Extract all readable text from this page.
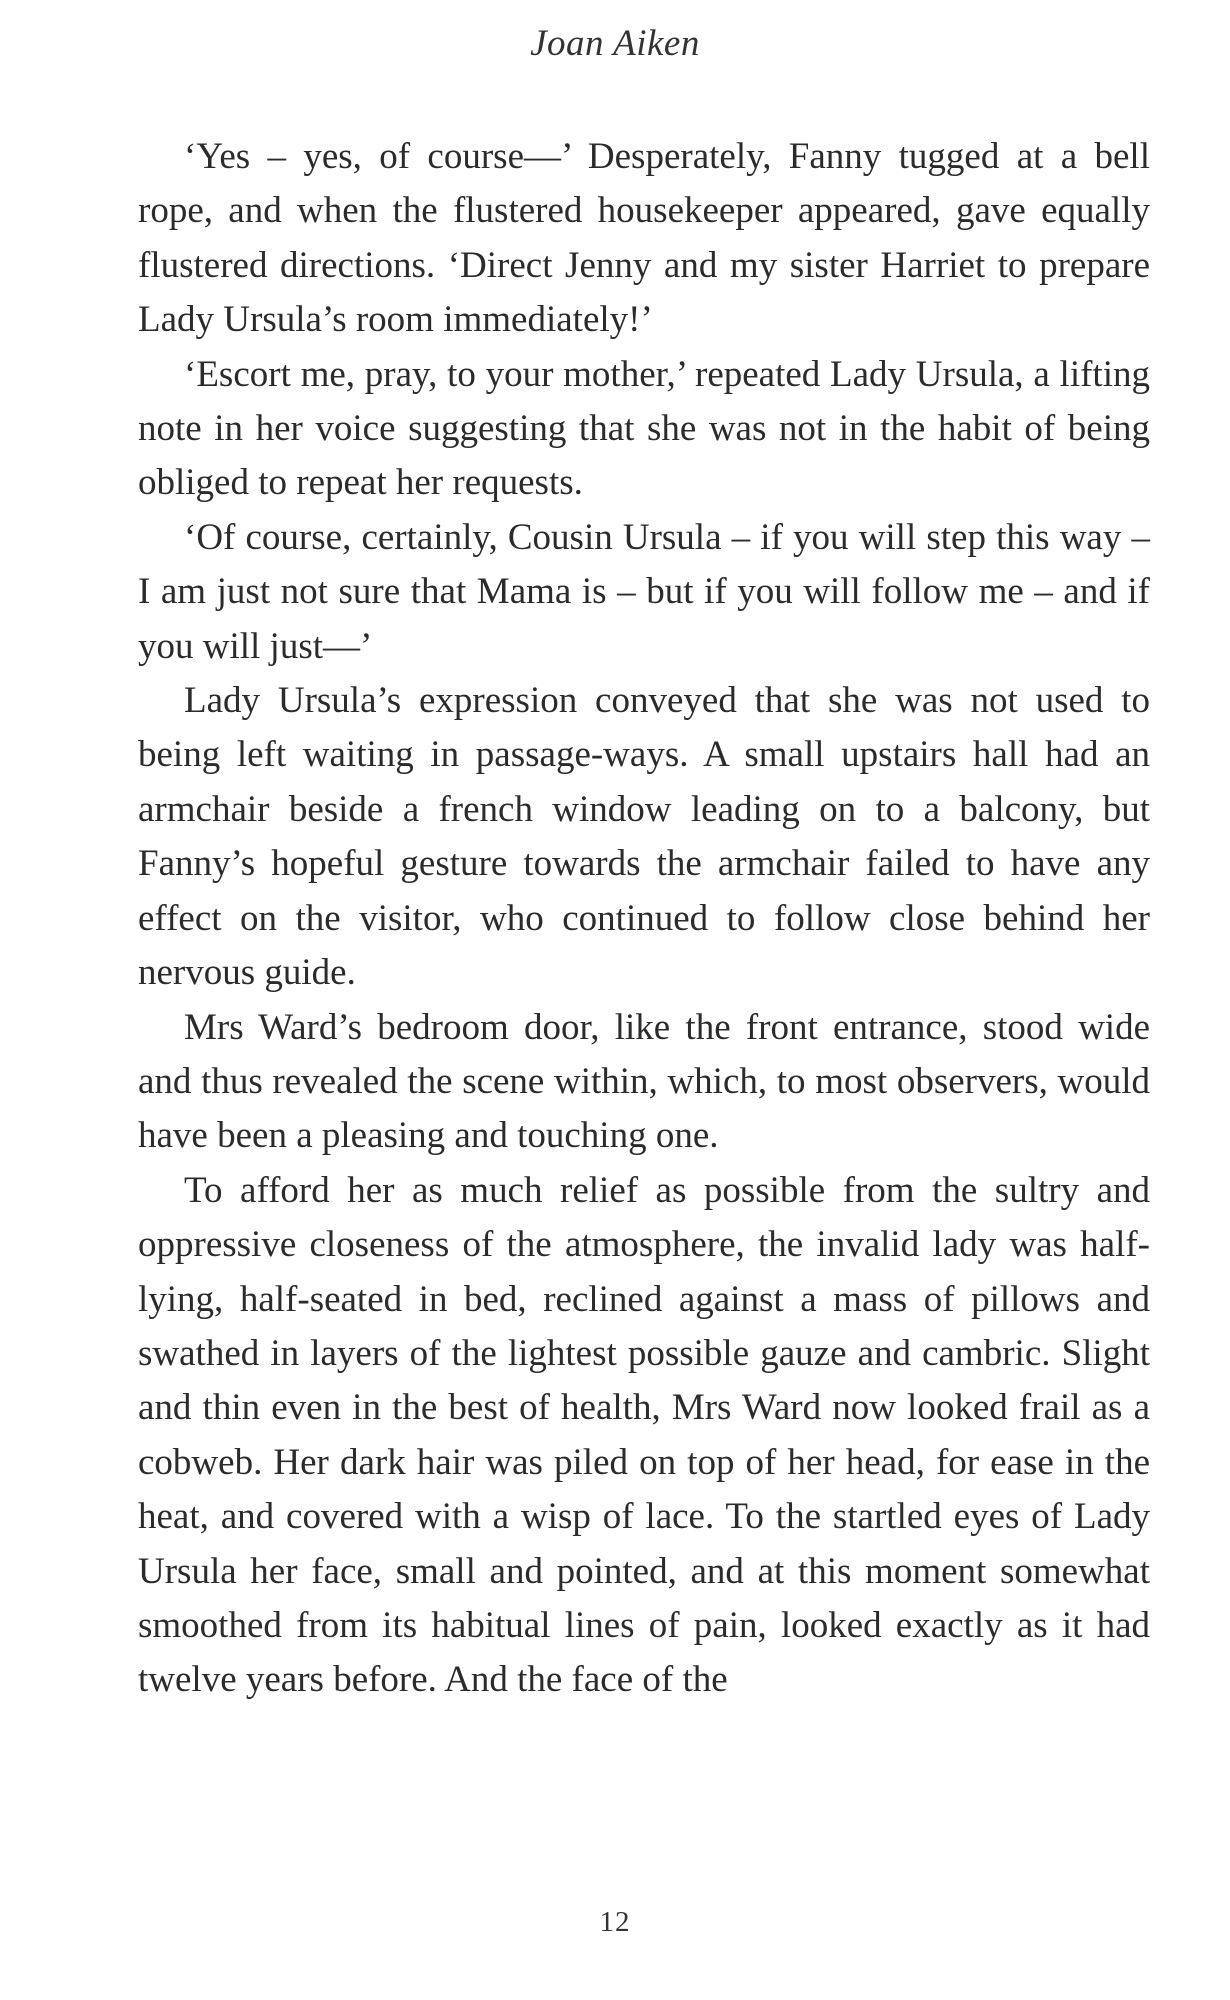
Joan Aiken

‘Yes – yes, of course—’ Desperately, Fanny tugged at a bell rope, and when the flustered housekeeper appeared, gave equally flustered directions. ‘Direct Jenny and my sister Harriet to prepare Lady Ursula’s room immediately!’

‘Escort me, pray, to your mother,’ repeated Lady Ursula, a lifting note in her voice suggesting that she was not in the habit of being obliged to repeat her requests.

‘Of course, certainly, Cousin Ursula – if you will step this way – I am just not sure that Mama is – but if you will follow me – and if you will just—’

Lady Ursula’s expression conveyed that she was not used to being left waiting in passage-ways. A small upstairs hall had an armchair beside a french window leading on to a balcony, but Fanny’s hopeful gesture towards the armchair failed to have any effect on the visitor, who continued to follow close behind her nervous guide.

Mrs Ward’s bedroom door, like the front entrance, stood wide and thus revealed the scene within, which, to most observers, would have been a pleasing and touching one.

To afford her as much relief as possible from the sultry and oppressive closeness of the atmosphere, the invalid lady was half-lying, half-seated in bed, reclined against a mass of pillows and swathed in layers of the lightest possible gauze and cambric. Slight and thin even in the best of health, Mrs Ward now looked frail as a cobweb. Her dark hair was piled on top of her head, for ease in the heat, and covered with a wisp of lace. To the startled eyes of Lady Ursula her face, small and pointed, and at this moment somewhat smoothed from its habitual lines of pain, looked exactly as it had twelve years before. And the face of the

12
